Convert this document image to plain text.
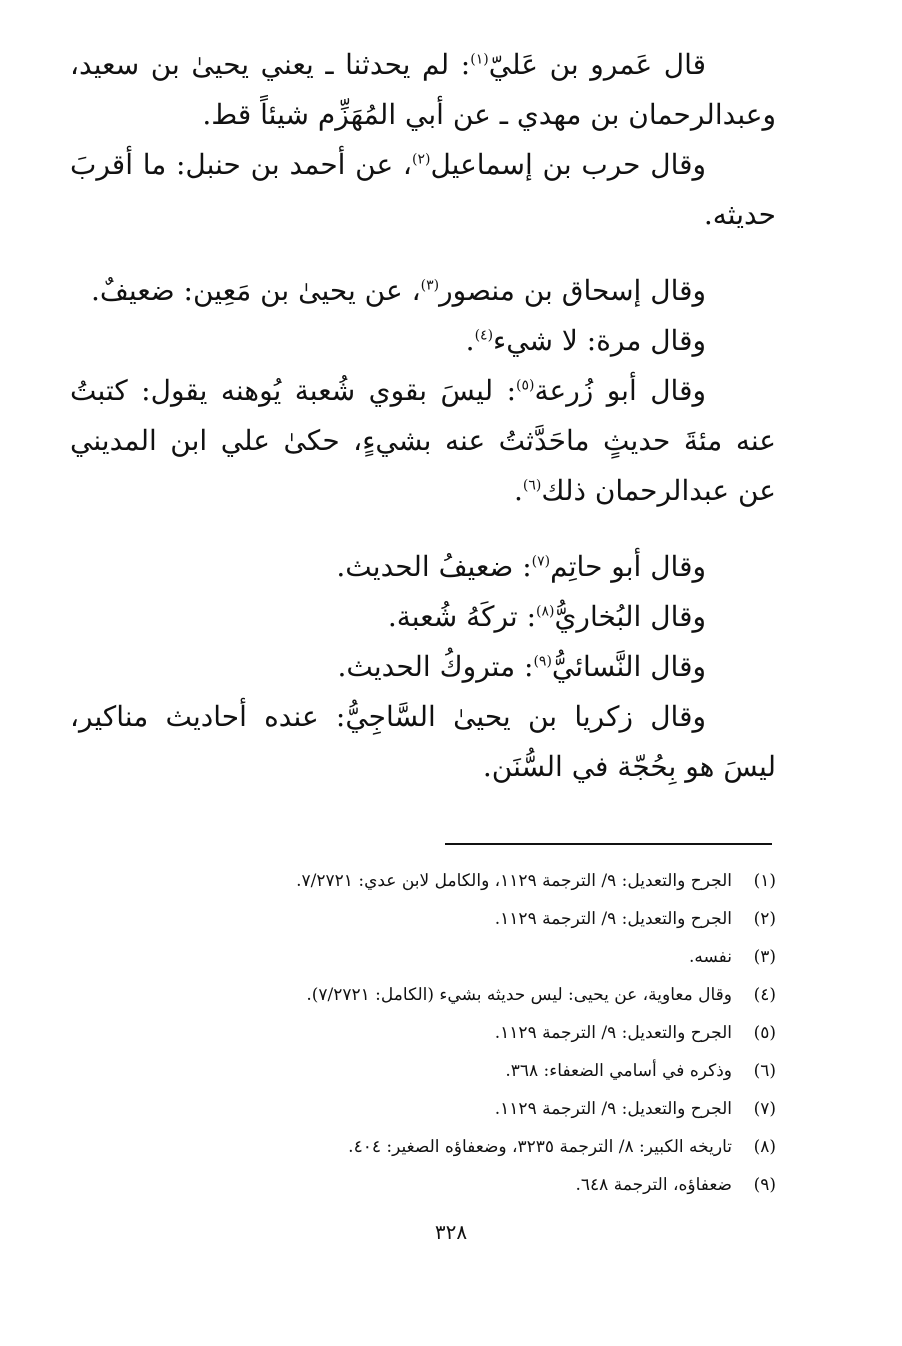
قال عَمرو بن عَليّ$^{(١)}$: لم يحدثنا ـ يعني يحيىٰ بن سعيد، وعبدالرحمان بن مهدي ـ عن أبي المُهَزِّم شيئاً قط.

وقال حرب بن إسماعيل$^{(٢)}$، عن أحمد بن حنبل: ما أقربَ حديثه.

وقال إسحاق بن منصور$^{(٣)}$، عن يحيىٰ بن مَعِين: ضعيفٌ.

وقال مرة: لا شيء$^{(٤)}$.

وقال أبو زُرعة$^{(٥)}$: ليسَ بقوي شُعبة يُوهنه يقول: كتبتُ عنه مئةَ حديثٍ ماحَدَّثتُ عنه بشيءٍ، حكىٰ علي ابن المديني عن عبدالرحمان ذلك$^{(٦)}$.

وقال أبو حاتِم$^{(٧)}$: ضعيفُ الحديث.

وقال البُخاريُّ$^{(٨)}$: تركَهُ شُعبة.

وقال النَّسائيُّ$^{(٩)}$: متروكُ الحديث.

وقال زكريا بن يحيىٰ السَّاجِيُّ: عنده أحاديث مناكير، ليسَ هو بِحُجّة في السُّنَن.

(١)
الجرح والتعديل: ٩/ الترجمة ١١٢٩، والكامل لابن عدي: ٧/٢٧٢١.
(٢)
الجرح والتعديل: ٩/ الترجمة ١١٢٩.
(٣)
نفسه.
(٤)
وقال معاوية، عن يحيى: ليس حديثه بشيء (الكامل: ٧/٢٧٢١).
(٥)
الجرح والتعديل: ٩/ الترجمة ١١٢٩.
(٦)
وذكره في أسامي الضعفاء: ٣٦٨.
(٧)
الجرح والتعديل: ٩/ الترجمة ١١٢٩.
(٨)
تاريخه الكبير: ٨/ الترجمة ٣٢٣٥، وضعفاؤه الصغير: ٤٠٤.
(٩)
ضعفاؤه، الترجمة ٦٤٨.
٣٢٨
